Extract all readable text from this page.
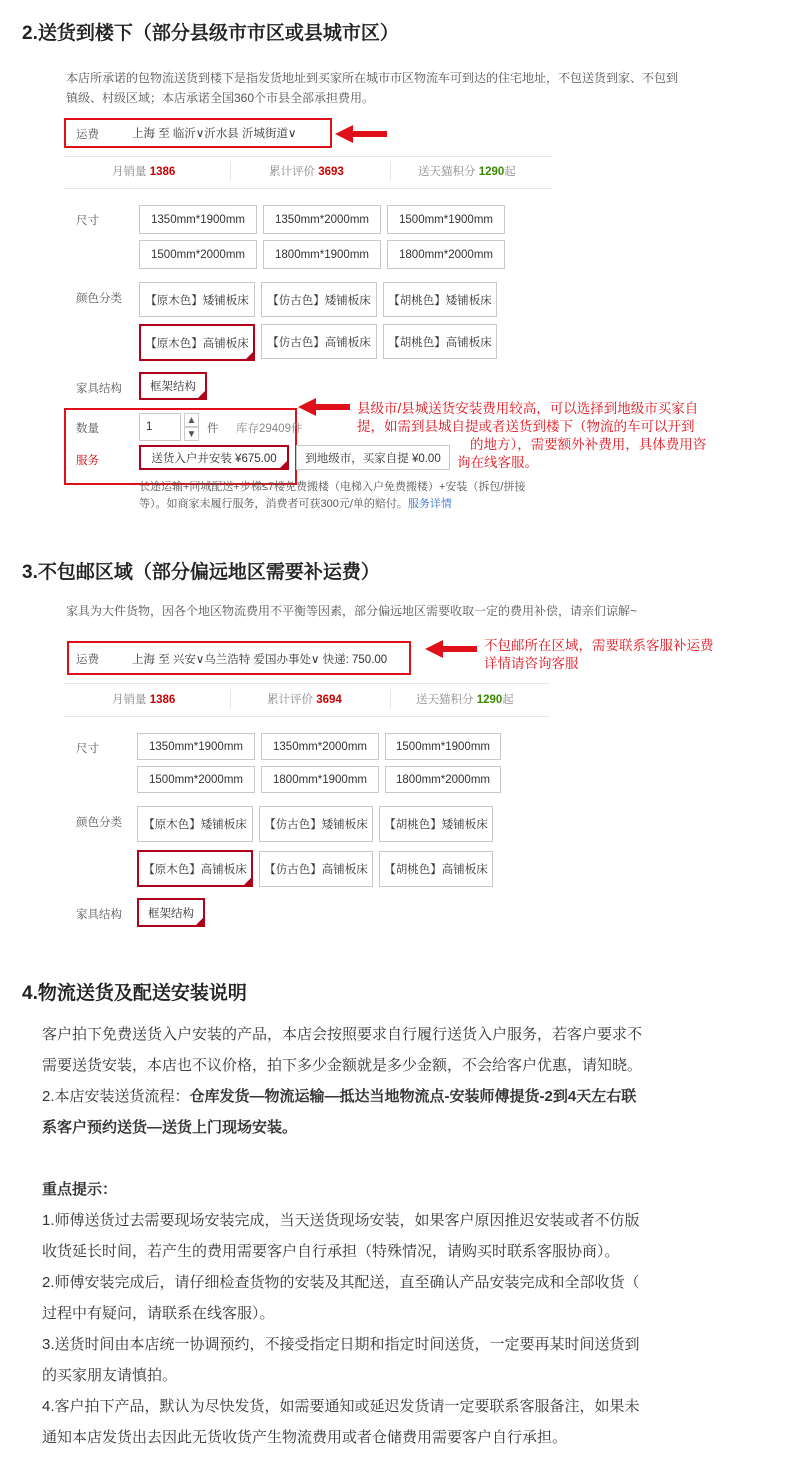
2.送货到楼下（部分县级市市区或县城市区）
本店所承诺的包物流送货到楼下是指发货地址到买家所在城市市区物流车可到达的住宅地址，不包送货到家、不包到
镇级、村级区域；本店承诺全国360个市县全部承担费用。
运费	上海 至 临沂∨沂水县 沂城街道∨
月销量 1386	累计评价 3693	送天猫积分 1290起
尺寸	1350mm*1900mm	1350mm*2000mm	1500mm*1900mm
1500mm*2000mm	1800mm*1900mm	1800mm*2000mm
颜色分类	【原木色】矮铺板床	【仿古色】矮铺板床	【胡桃色】矮铺板床
【原木色】高铺板床	【仿古色】高铺板床	【胡桃色】高铺板床
家具结构	框架结构
数量	1
▲
▼ 件 库存29409件
服务	送货入户并安装 ¥675.00	到地级市，买家自提 ¥0.00
长途运输+同城配送+步梯≤7楼免费搬楼（电梯入户免费搬楼）+安装（拆包/拼接
等）。如商家未履行服务，消费者可获300元/单的赔付。服务详情
县级市/县城送货安装费用较高，可以选择到地级市买家自
提，如需到县城自提或者送货到楼下（物流的车可以开到
的地方），需要额外补费用，具体费用咨
询在线客服。
3.不包邮区域（部分偏远地区需要补运费）
家具为大件货物，因各个地区物流费用不平衡等因素，部分偏远地区需要收取一定的费用补偿，请亲们谅解~
运费	上海 至 兴安∨乌兰浩特 爱国办事处∨ 快递: 750.00
不包邮所在区域，需要联系客服补运费
详情请咨询客服
月销量 1386	累计评价 3694	送天猫积分 1290起
尺寸	1350mm*1900mm	1350mm*2000mm	1500mm*1900mm
1500mm*2000mm	1800mm*1900mm	1800mm*2000mm
颜色分类	【原木色】矮铺板床	【仿古色】矮铺板床	【胡桃色】矮铺板床
【原木色】高铺板床	【仿古色】高铺板床	【胡桃色】高铺板床
家具结构	框架结构
4.物流送货及配送安装说明
客户拍下免费送货入户安装的产品，本店会按照要求自行履行送货入户服务，若客户要求不
需要送货安装，本店也不议价格，拍下多少金额就是多少金额，不会给客户优惠，请知晓。
2.本店安装送货流程：仓库发货—物流运输—抵达当地物流点-安装师傅提货-2到4天左右联
系客户预约送货—送货上门现场安装。
重点提示：
1.师傅送货过去需要现场安装完成，当天送货现场安装，如果客户原因推迟安装或者不仿版
收货延长时间，若产生的费用需要客户自行承担（特殊情况，请购买时联系客服协商）。
2.师傅安装完成后，请仔细检查货物的安装及其配送，直至确认产品安装完成和全部收货（
过程中有疑问，请联系在线客服）。
3.送货时间由本店统一协调预约，不接受指定日期和指定时间送货，一定要再某时间送货到
的买家朋友请慎拍。
4.客户拍下产品，默认为尽快发货，如需要通知或延迟发货请一定要联系客服备注，如果未
通知本店发货出去因此无货收货产生物流费用或者仓储费用需要客户自行承担。
